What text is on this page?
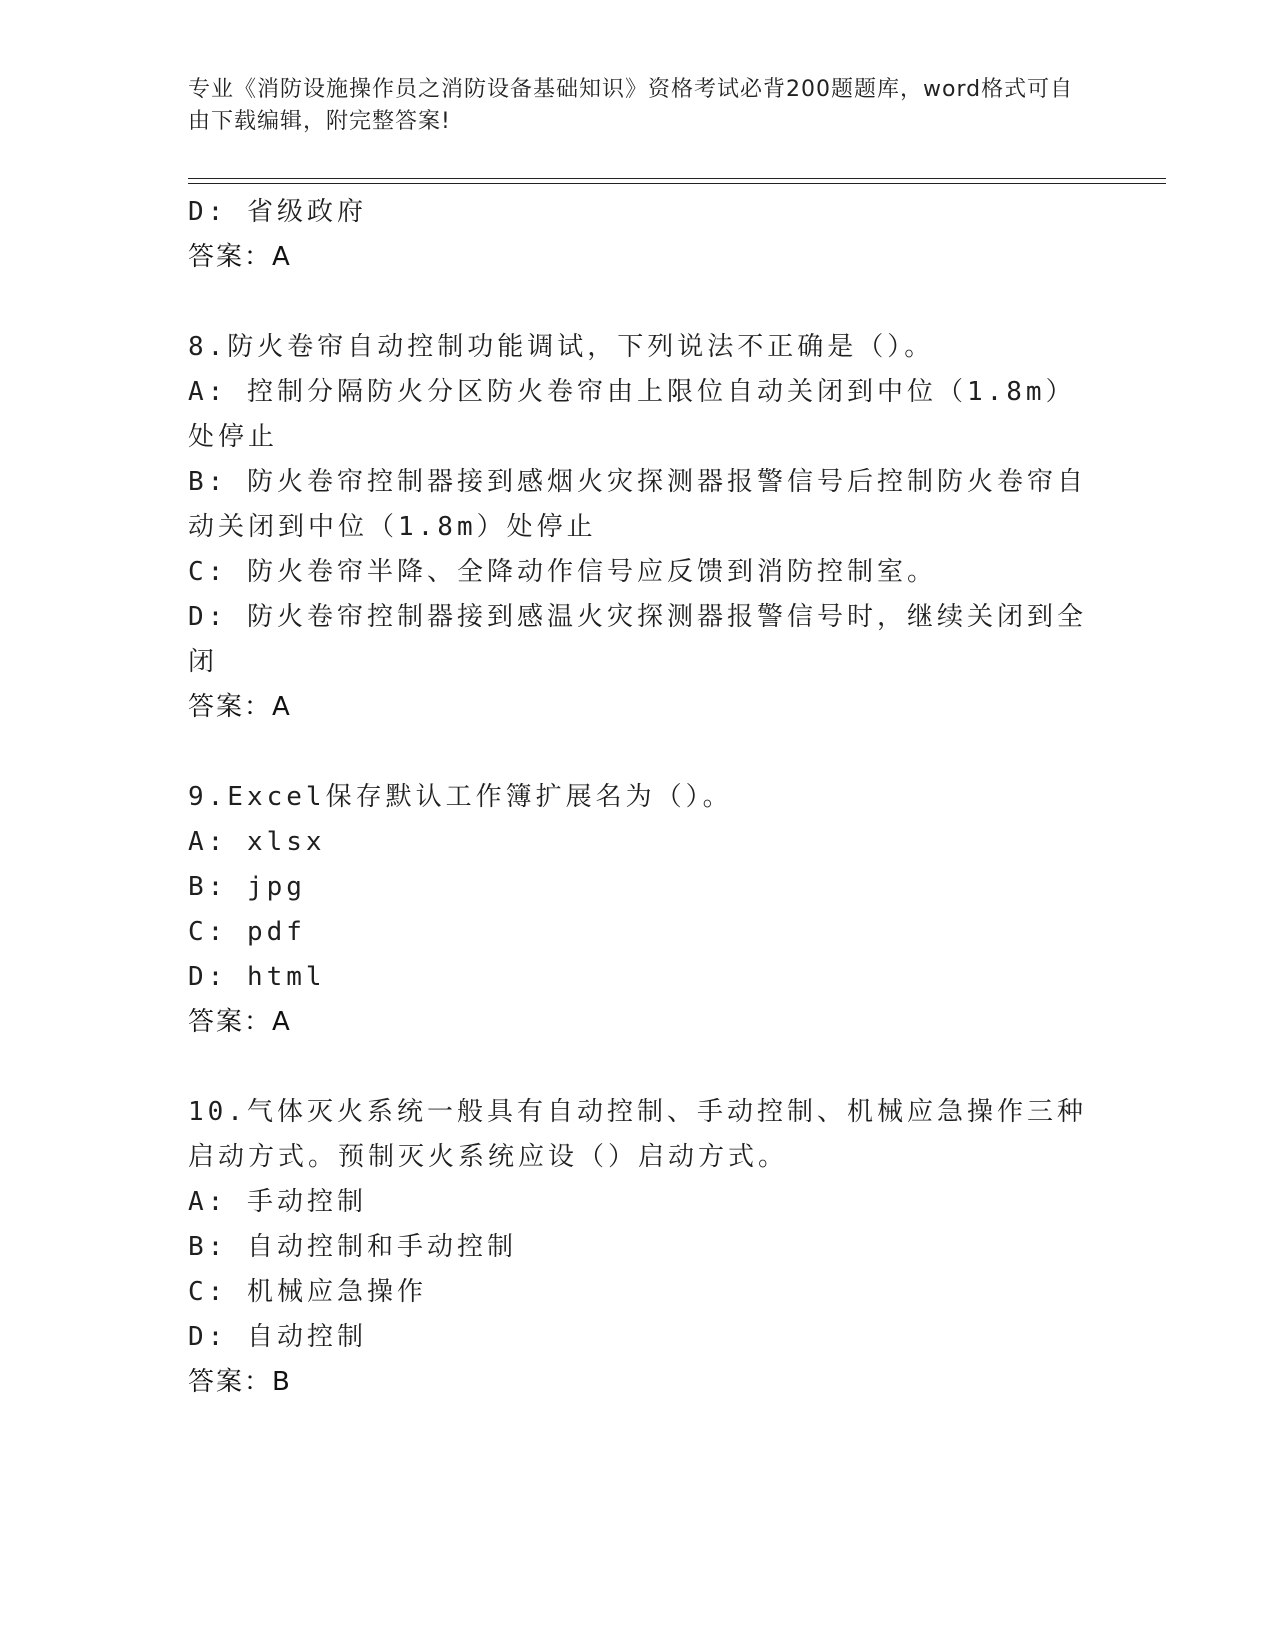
专业《消防设施操作员之消防设备基础知识》资格考试必背200题题库，word格式可自由下载编辑，附完整答案!
D: 省级政府
答案：A
8.防火卷帘自动控制功能调试，下列说法不正确是（）。
A: 控制分隔防火分区防火卷帘由上限位自动关闭到中位（1.8m）处停止
B: 防火卷帘控制器接到感烟火灾探测器报警信号后控制防火卷帘自动关闭到中位（1.8m）处停止
C: 防火卷帘半降、全降动作信号应反馈到消防控制室。
D: 防火卷帘控制器接到感温火灾探测器报警信号时，继续关闭到全闭
答案：A
9.Excel保存默认工作簿扩展名为（）。
A: xlsx
B: jpg
C: pdf
D: html
答案：A
10.气体灭火系统一般具有自动控制、手动控制、机械应急操作三种启动方式。预制灭火系统应设（）启动方式。
A: 手动控制
B: 自动控制和手动控制
C: 机械应急操作
D: 自动控制
答案：B
